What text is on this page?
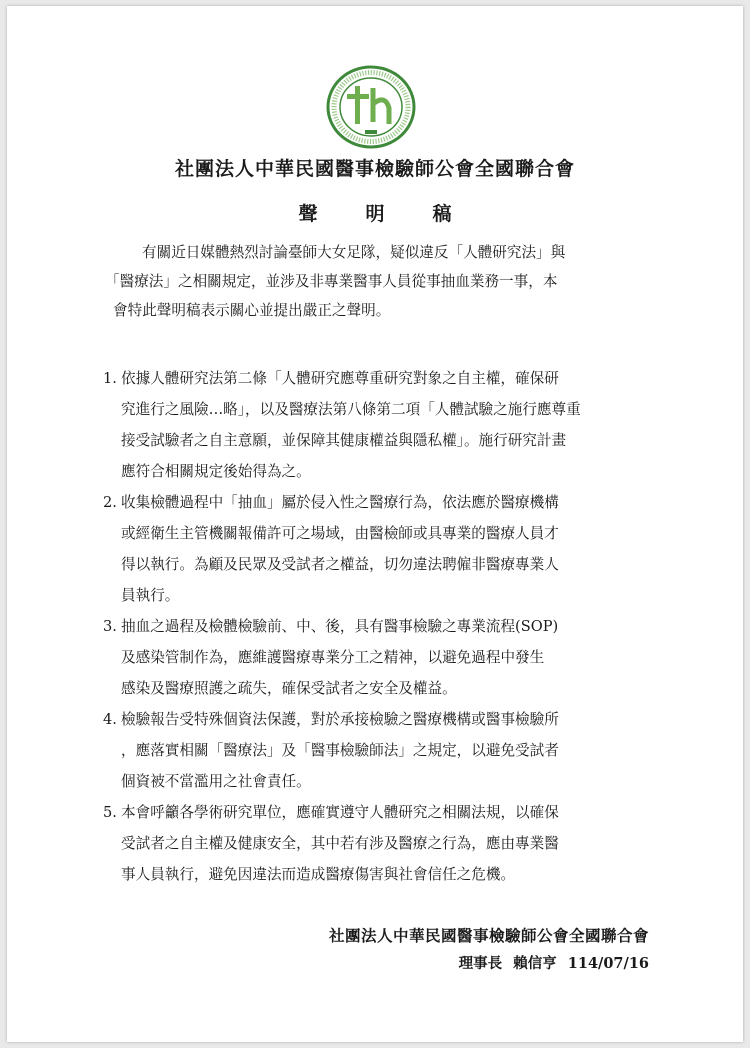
社團法人中華民國醫事檢驗師公會全國聯合會
聲明稿
有關近日媒體熱烈討論臺師大女足隊，疑似違反「人體研究法」與
「醫療法」之相關規定，並涉及非專業醫事人員從事抽血業務一事，本
會特此聲明稿表示關心並提出嚴正之聲明。
1. 依據人體研究法第二條「人體研究應尊重研究對象之自主權，確保研
究進行之風險…略」，以及醫療法第八條第二項「人體試驗之施行應尊重
接受試驗者之自主意願，並保障其健康權益與隱私權」。施行研究計畫
應符合相關規定後始得為之。
2. 收集檢體過程中「抽血」屬於侵入性之醫療行為，依法應於醫療機構
或經衛生主管機關報備許可之場域，由醫檢師或具專業的醫療人員才
得以執行。為顧及民眾及受試者之權益，切勿違法聘僱非醫療專業人
員執行。
3. 抽血之過程及檢體檢驗前、中、後，具有醫事檢驗之專業流程(SOP)
及感染管制作為，應維護醫療專業分工之精神，以避免過程中發生
感染及醫療照護之疏失，確保受試者之安全及權益。
4. 檢驗報告受特殊個資法保護，對於承接檢驗之醫療機構或醫事檢驗所
，應落實相關「醫療法」及「醫事檢驗師法」之規定，以避免受試者
個資被不當濫用之社會責任。
5. 本會呼籲各學術研究單位，應確實遵守人體研究之相關法規，以確保
受試者之自主權及健康安全，其中若有涉及醫療之行為，應由專業醫
事人員執行，避免因違法而造成醫療傷害與社會信任之危機。
社團法人中華民國醫事檢驗師公會全國聯合會
理事長 賴信亨 114/07/16
